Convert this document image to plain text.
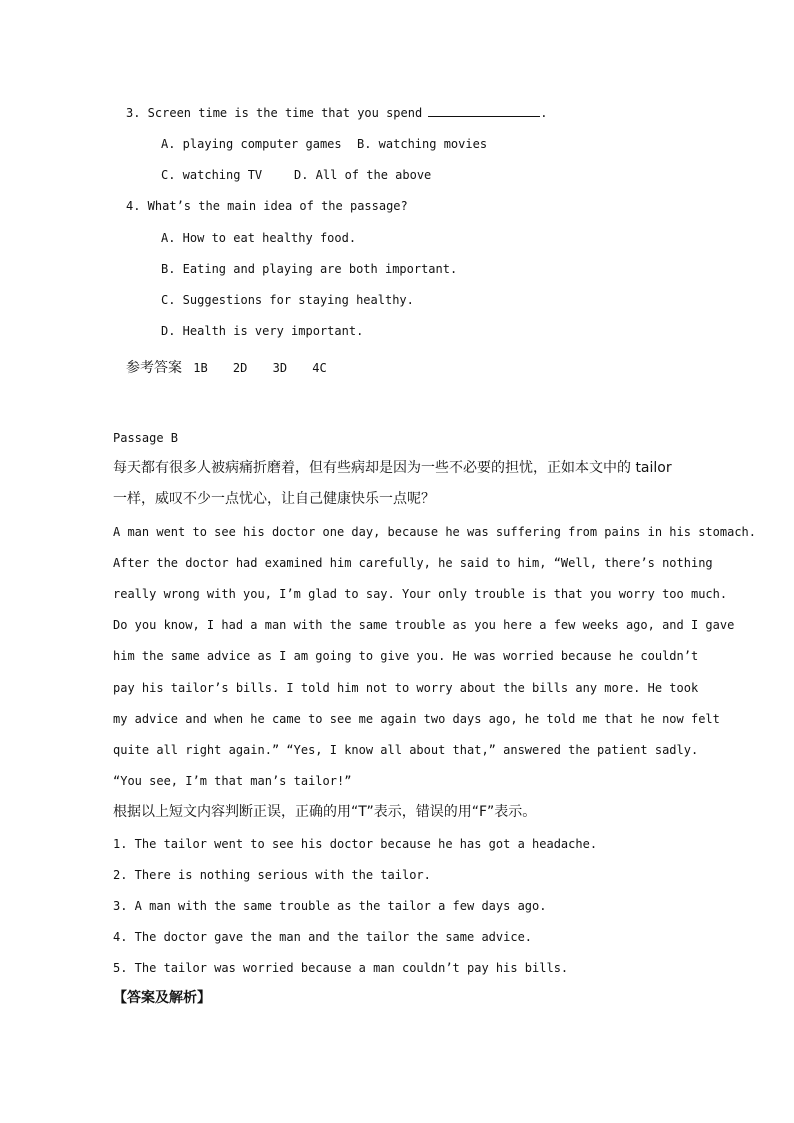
3. Screen time is the time that you spend	.
A. playing computer games B. watching movies
C. watching TV	D. All of the above
4. What’s the main idea of the passage?
A. How to eat healthy food.
B. Eating and playing are both important.
C. Suggestions for staying healthy.
D. Health is very important.
参考答案 1B 2D 3D 4C
Passage B
每天都有很多人被病痛折磨着，但有些病却是因为一些不必要的担忧，正如本文中的 tailor
一样，威叹不少一点忧心，让自己健康快乐一点呢？
A man went to see his doctor one day, because he was suffering from pains in his stomach.
After the doctor had examined him carefully, he said to him, “Well, there’s nothing
really wrong with you, I’m glad to say. Your only trouble is that you worry too much.
Do you know, I had a man with the same trouble as you here a few weeks ago, and I gave
him the same advice as I am going to give you. He was worried because he couldn’t
pay his tailor’s bills. I told him not to worry about the bills any more. He took
my advice and when he came to see me again two days ago, he told me that he now felt
quite all right again.” “Yes, I know all about that,” answered the patient sadly.
“You see, I’m that man’s tailor!”
根据以上短文内容判断正误，正确的用“T”表示，错误的用“F”表示。
1. The tailor went to see his doctor because he has got a headache.
2. There is nothing serious with the tailor.
3. A man with the same trouble as the tailor a few days ago.
4. The doctor gave the man and the tailor the same advice.
5. The tailor was worried because a man couldn’t pay his bills.
【答案及解析】
